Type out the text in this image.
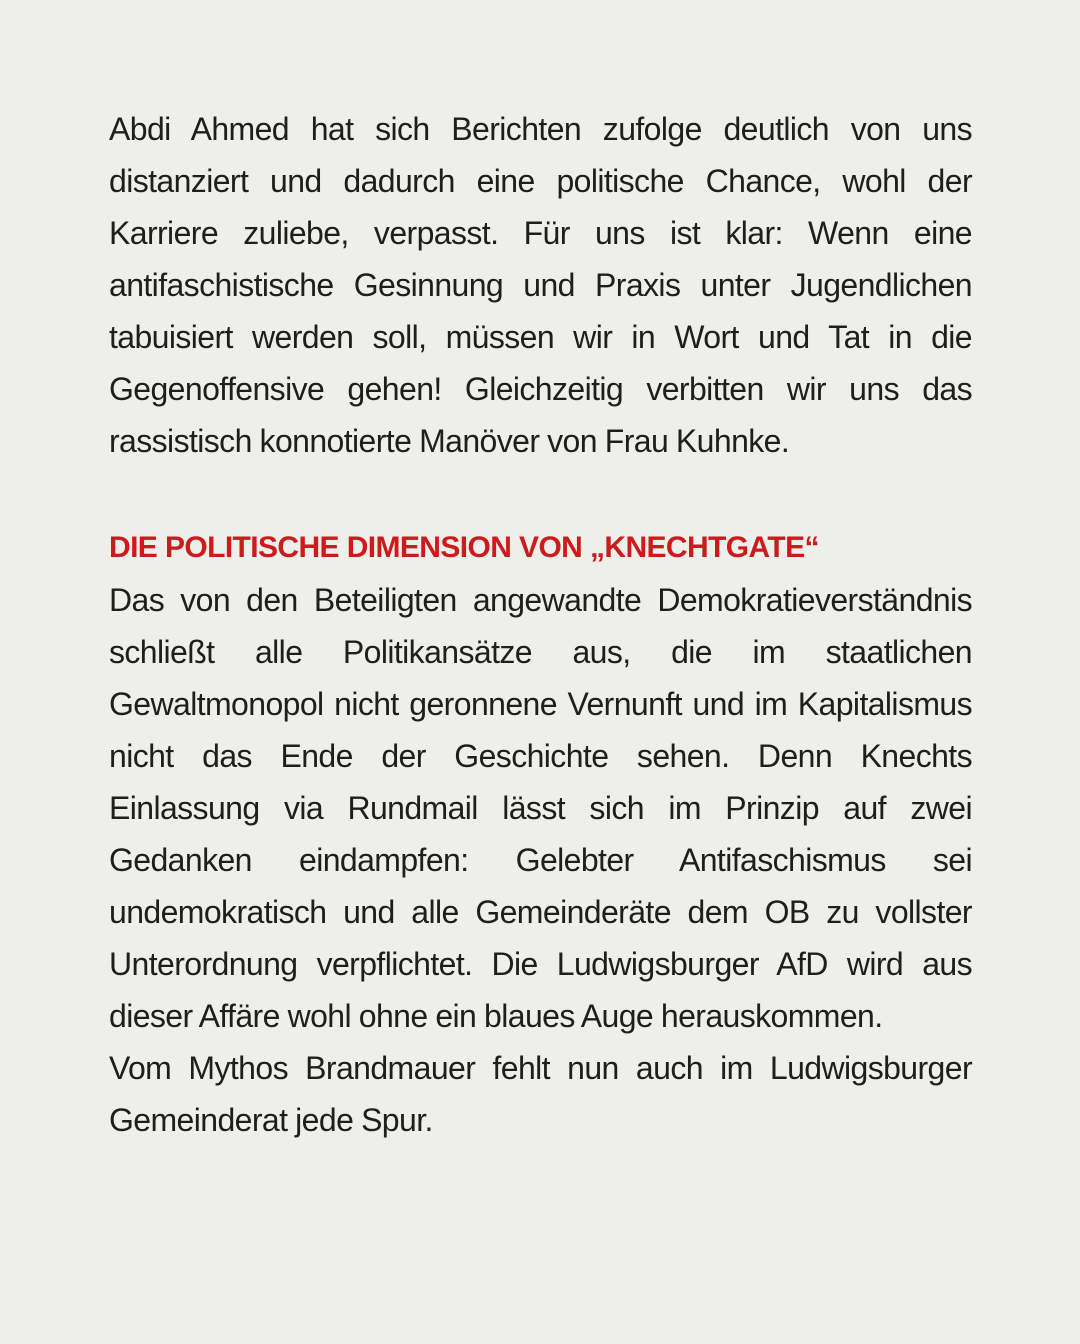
Abdi Ahmed hat sich Berichten zufolge deutlich von uns distanziert und dadurch eine politische Chance, wohl der Karriere zuliebe, verpasst. Für uns ist klar: Wenn eine antifaschistische Gesinnung und Praxis unter Jugendlichen tabuisiert werden soll, müssen wir in Wort und Tat in die Gegenoffensive gehen! Gleichzeitig verbitten wir uns das rassistisch konnotierte Manöver von Frau Kuhnke.

DIE POLITISCHE DIMENSION VON „KNECHTGATE“

Das von den Beteiligten angewandte Demokratieverständnis schließt alle Politikansätze aus, die im staatlichen Gewaltmonopol nicht geronnene Vernunft und im Kapitalismus nicht das Ende der Geschichte sehen. Denn Knechts Einlassung via Rundmail lässt sich im Prinzip auf zwei Gedanken eindampfen: Gelebter Antifaschismus sei undemokratisch und alle Gemeinderäte dem OB zu vollster Unterordnung verpflichtet. Die Ludwigsburger AfD wird aus dieser Affäre wohl ohne ein blaues Auge herauskommen.

Vom Mythos Brandmauer fehlt nun auch im Ludwigsburger Gemeinderat jede Spur.
